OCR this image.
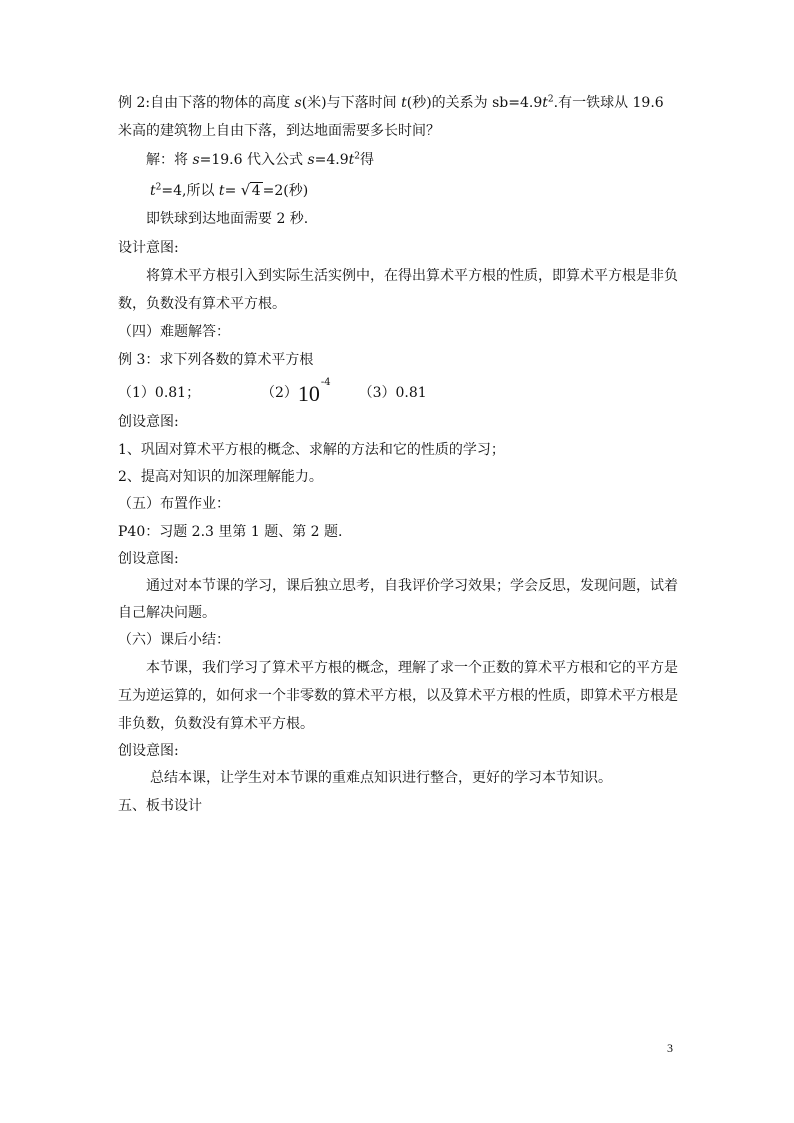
例 2:自由下落的物体的高度 s(米)与下落时间 t(秒)的关系为 $sb=4.9t^2$.有一铁球从 19.6
米高的建筑物上自由下落，到达地面需要多长时间？
解：将 s=19.6 代入公式 $s=4.9t^2$得
$t^2=4$,所以 t= √ 4 =2(秒)
即铁球到达地面需要 2 秒.
设计意图:
将算术平方根引入到实际生活实例中，在得出算术平方根的性质，即算术平方根是非负
数，负数没有算术平方根。
（四）难题解答：
例 3：求下列各数的算术平方根
（1）0.81；	$(2)10^{-4}$  （3）0.81
创设意图:
1、巩固对算术平方根的概念、求解的方法和它的性质的学习；
2、提高对知识的加深理解能力。
（五）布置作业：
P40：习题 2.3 里第 1 题、第 2 题.
创设意图:
通过对本节课的学习，课后独立思考，自我评价学习效果；学会反思，发现问题，试着
自己解决问题。
（六）课后小结：
本节课，我们学习了算术平方根的概念，理解了求一个正数的算术平方根和它的平方是
互为逆运算的，如何求一个非零数的算术平方根，以及算术平方根的性质，即算术平方根是
非负数，负数没有算术平方根。
创设意图:
总结本课，让学生对本节课的重难点知识进行整合，更好的学习本节知识。
五、板书设计
3
